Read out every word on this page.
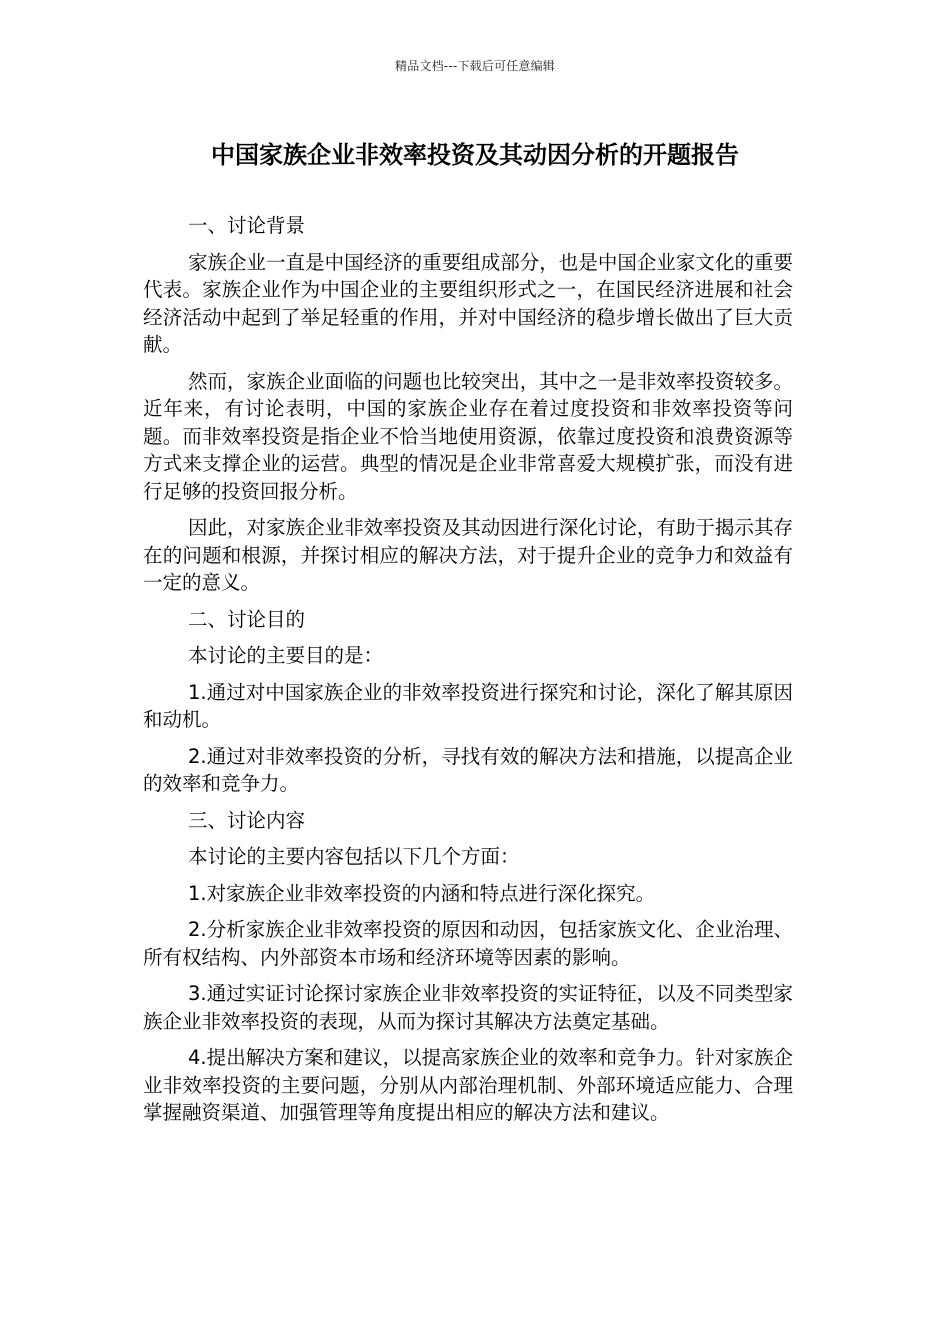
精品文档---下载后可任意编辑
中国家族企业非效率投资及其动因分析的开题报告

一、讨论背景

家族企业一直是中国经济的重要组成部分，也是中国企业家文化的重要代表。家族企业作为中国企业的主要组织形式之一，在国民经济进展和社会经济活动中起到了举足轻重的作用，并对中国经济的稳步增长做出了巨大贡献。

然而，家族企业面临的问题也比较突出，其中之一是非效率投资较多。近年来，有讨论表明，中国的家族企业存在着过度投资和非效率投资等问题。而非效率投资是指企业不恰当地使用资源，依靠过度投资和浪费资源等方式来支撑企业的运营。典型的情况是企业非常喜爱大规模扩张，而没有进行足够的投资回报分析。

因此，对家族企业非效率投资及其动因进行深化讨论，有助于揭示其存在的问题和根源，并探讨相应的解决方法，对于提升企业的竞争力和效益有一定的意义。

二、讨论目的

本讨论的主要目的是：

1.通过对中国家族企业的非效率投资进行探究和讨论，深化了解其原因和动机。

2.通过对非效率投资的分析，寻找有效的解决方法和措施，以提高企业的效率和竞争力。

三、讨论内容

本讨论的主要内容包括以下几个方面：

1.对家族企业非效率投资的内涵和特点进行深化探究。

2.分析家族企业非效率投资的原因和动因，包括家族文化、企业治理、所有权结构、内外部资本市场和经济环境等因素的影响。

3.通过实证讨论探讨家族企业非效率投资的实证特征，以及不同类型家族企业非效率投资的表现，从而为探讨其解决方法奠定基础。

4.提出解决方案和建议，以提高家族企业的效率和竞争力。针对家族企业非效率投资的主要问题，分别从内部治理机制、外部环境适应能力、合理掌握融资渠道、加强管理等角度提出相应的解决方法和建议。
